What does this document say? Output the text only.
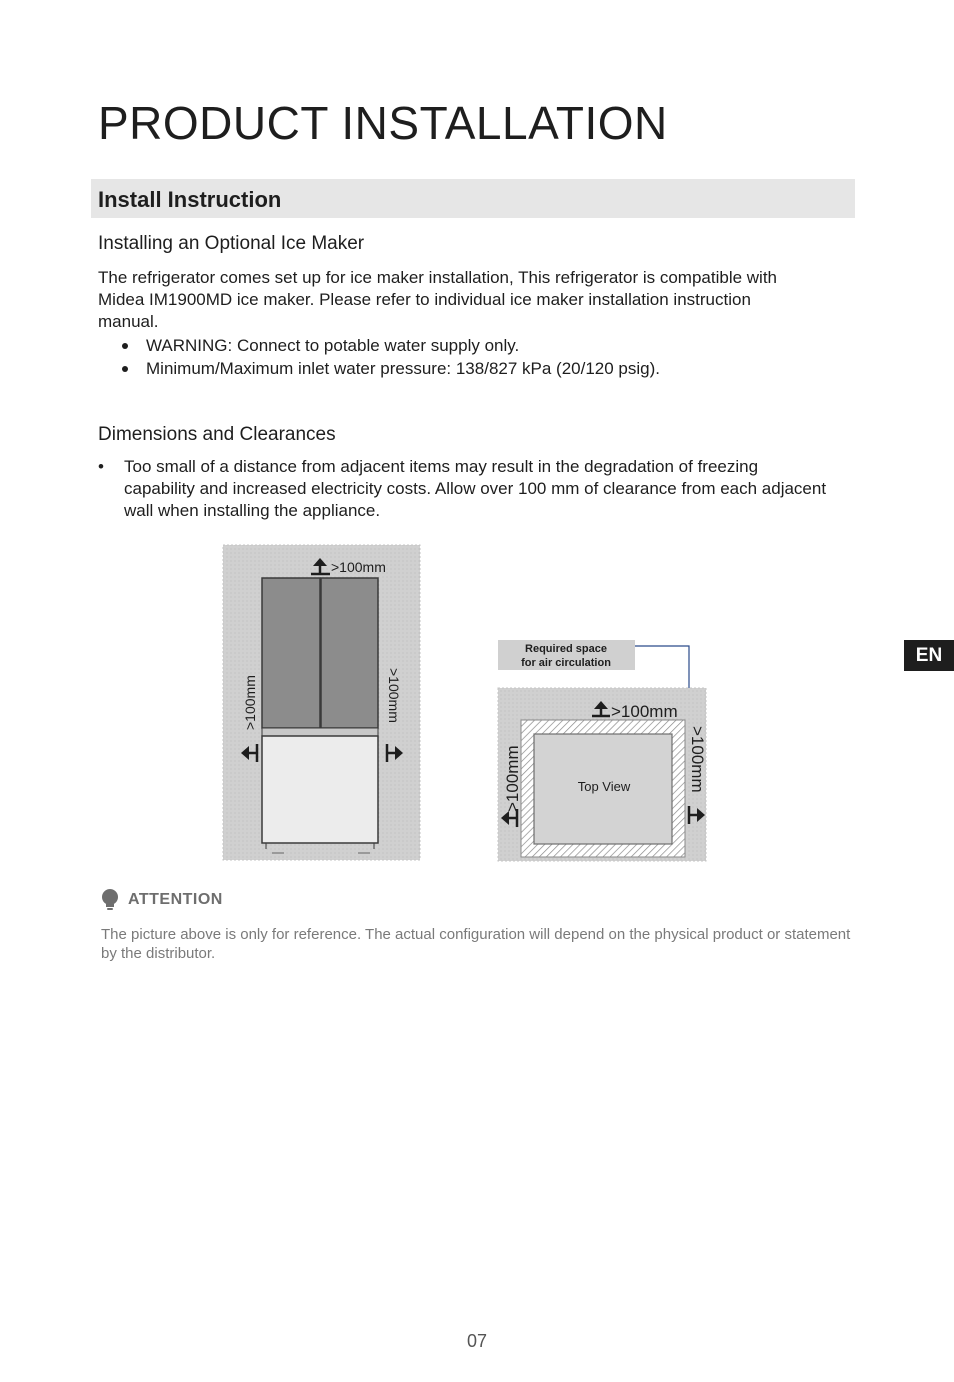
PRODUCT INSTALLATION
Install Instruction
Installing an Optional Ice Maker
The refrigerator comes set up for ice maker installation, This refrigerator is compatible with Midea IM1900MD ice maker. Please refer to individual ice maker installation instruction manual.
WARNING: Connect to potable water supply only.
Minimum/Maximum inlet water pressure: 138/827 kPa (20/120 psig).
Dimensions and Clearances
• Too small of a distance from adjacent items may result in the degradation of freezing capability and increased electricity costs. Allow over 100 mm of clearance from each adjacent wall when installing the appliance.
>100mm
>100mm	>100mm
Required space
for air circulation
Top View
>100mm
>100mm	>100mm
EN
ATTENTION
The picture above is only for reference. The actual configuration will depend on the physical product or statement by the distributor.
07
